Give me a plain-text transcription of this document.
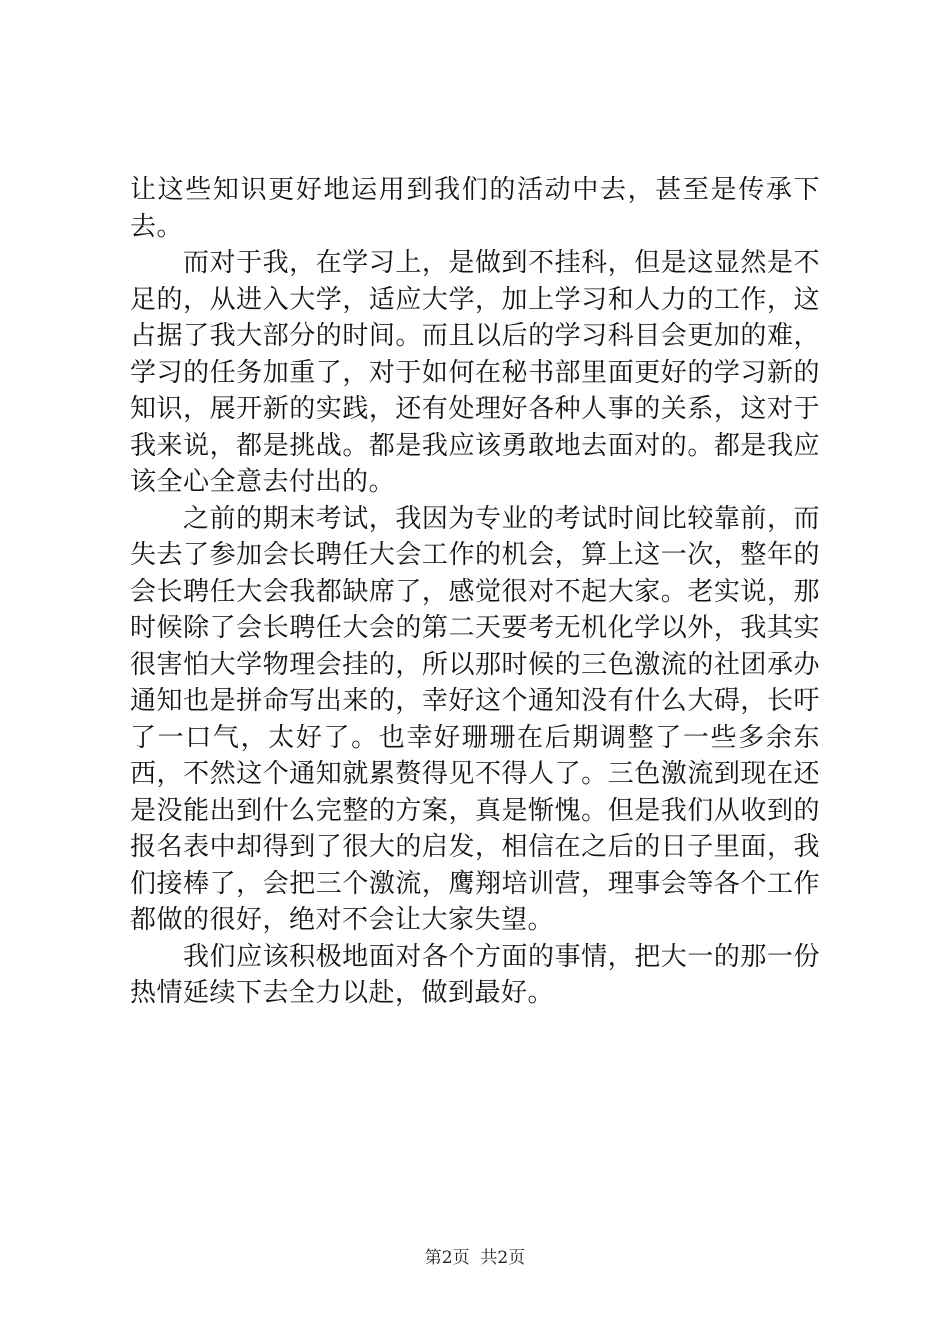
让这些知识更好地运用到我们的活动中去，甚至是传承下去。

而对于我，在学习上，是做到不挂科，但是这显然是不足的，从进入大学，适应大学，加上学习和人力的工作，这占据了我大部分的时间。而且以后的学习科目会更加的难，学习的任务加重了，对于如何在秘书部里面更好的学习新的知识，展开新的实践，还有处理好各种人事的关系，这对于我来说，都是挑战。都是我应该勇敢地去面对的。都是我应该全心全意去付出的。

之前的期末考试，我因为专业的考试时间比较靠前，而失去了参加会长聘任大会工作的机会，算上这一次，整年的会长聘任大会我都缺席了，感觉很对不起大家。老实说，那时候除了会长聘任大会的第二天要考无机化学以外，我其实很害怕大学物理会挂的，所以那时候的三色激流的社团承办通知也是拼命写出来的，幸好这个通知没有什么大碍，长吁了一口气，太好了。也幸好珊珊在后期调整了一些多余东西，不然这个通知就累赘得见不得人了。三色激流到现在还是没能出到什么完整的方案，真是惭愧。但是我们从收到的报名表中却得到了很大的启发，相信在之后的日子里面，我们接棒了，会把三个激流，鹰翔培训营，理事会等各个工作都做的很好，绝对不会让大家失望。

我们应该积极地面对各个方面的事情，把大一的那一份热情延续下去全力以赴，做到最好。

第2页  共2页
